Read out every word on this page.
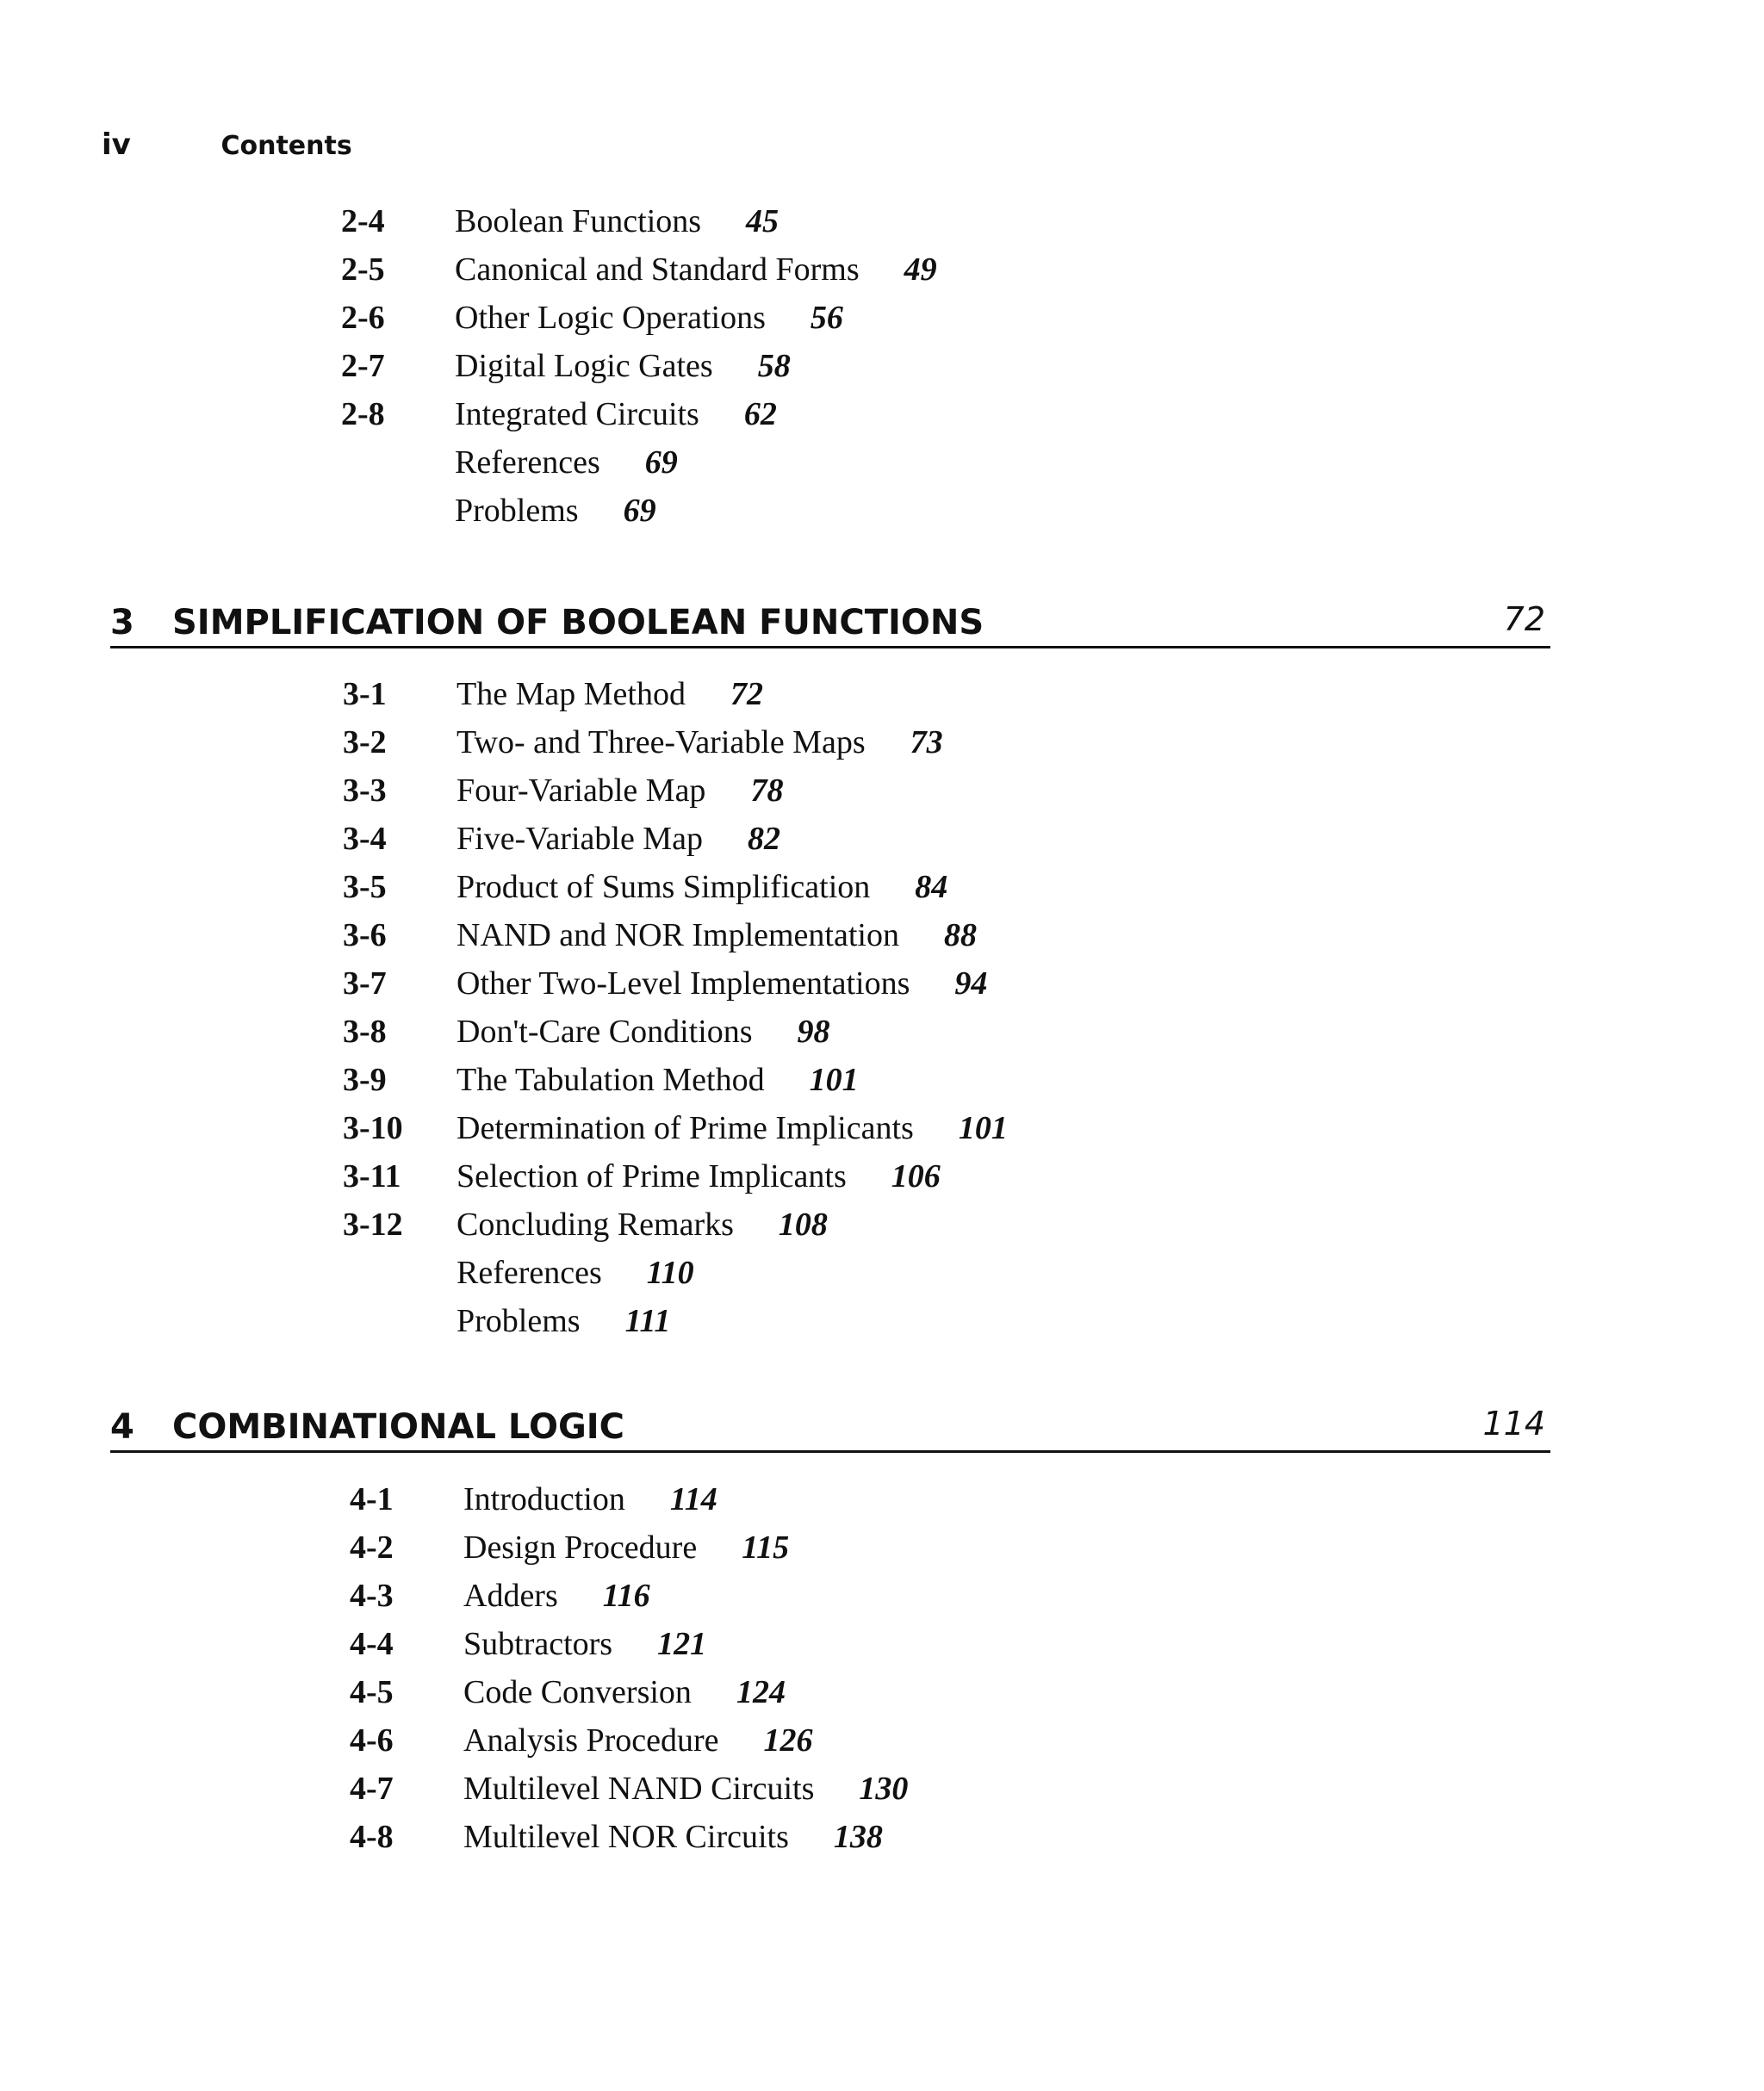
iv	Contents
2-4 Boolean Functions 45
2-5 Canonical and Standard Forms 49
2-6 Other Logic Operations 56
2-7 Digital Logic Gates 58
2-8 Integrated Circuits 62
References 69
Problems 69
3 SIMPLIFICATION OF BOOLEAN FUNCTIONS	72
3-1 The Map Method 72
3-2 Two- and Three-Variable Maps 73
3-3 Four-Variable Map 78
3-4 Five-Variable Map 82
3-5 Product of Sums Simplification 84
3-6 NAND and NOR Implementation 88
3-7 Other Two-Level Implementations 94
3-8 Don't-Care Conditions 98
3-9 The Tabulation Method 101
3-10 Determination of Prime Implicants 101
3-11 Selection of Prime Implicants 106
3-12 Concluding Remarks 108
References 110
Problems 111
4 COMBINATIONAL LOGIC	114
4-1 Introduction 114
4-2 Design Procedure 115
4-3 Adders 116
4-4 Subtractors 121
4-5 Code Conversion 124
4-6 Analysis Procedure 126
4-7 Multilevel NAND Circuits 130
4-8 Multilevel NOR Circuits 138
